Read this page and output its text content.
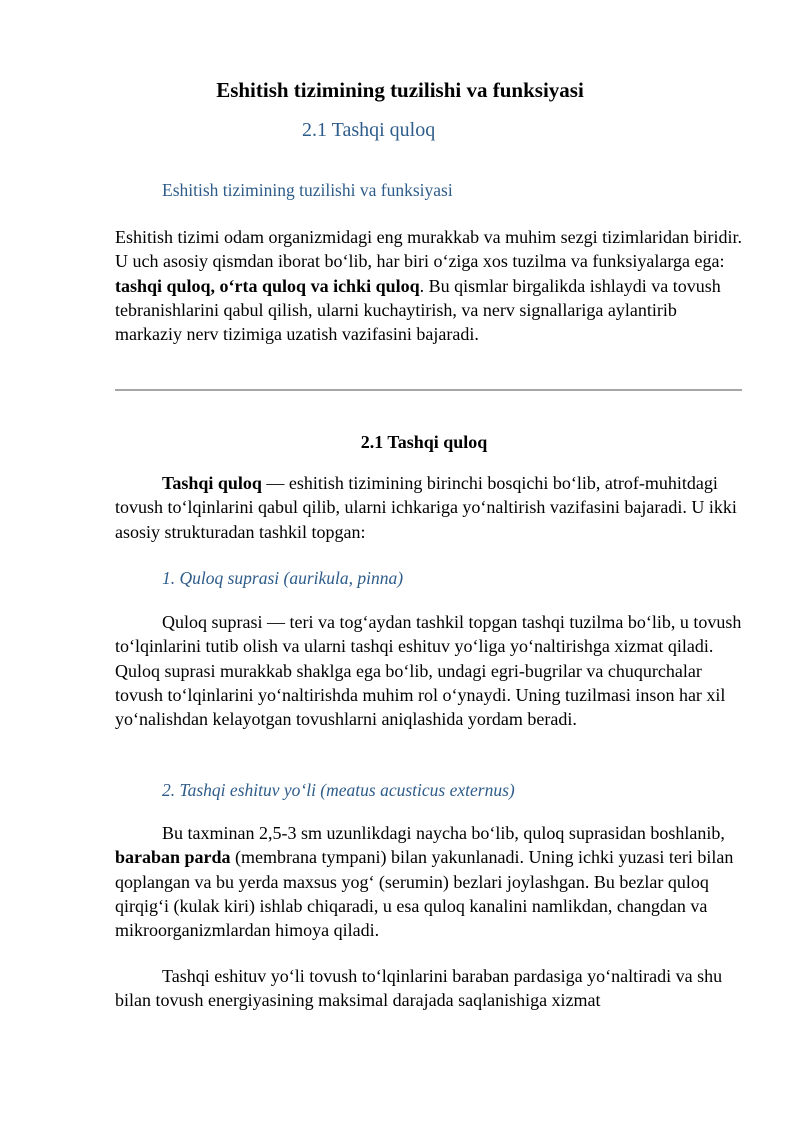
Eshitish tizimining tuzilishi va funksiyasi
2.1 Tashqi quloq
Eshitish tizimining tuzilishi va funksiyasi

Eshitish tizimi odam organizmidagi eng murakkab va muhim sezgi tizimlaridan biridir. U uch asosiy qismdan iborat bo‘lib, har biri o‘ziga xos tuzilma va funksiyalarga ega: tashqi quloq, o‘rta quloq va ichki quloq. Bu qismlar birgalikda ishlaydi va tovush tebranishlarini qabul qilish, ularni kuchaytirish, va nerv signallariga aylantirib markaziy nerv tizimiga uzatish vazifasini bajaradi.

2.1 Tashqi quloq

Tashqi quloq — eshitish tizimining birinchi bosqichi bo‘lib, atrof-muhitdagi tovush to‘lqinlarini qabul qilib, ularni ichkariga yo‘naltirish vazifasini bajaradi. U ikki asosiy strukturadan tashkil topgan:

1. Quloq suprasi (aurikula, pinna)

Quloq suprasi — teri va tog‘aydan tashkil topgan tashqi tuzilma bo‘lib, u tovush to‘lqinlarini tutib olish va ularni tashqi eshituv yo‘liga yo‘naltirishga xizmat qiladi. Quloq suprasi murakkab shaklga ega bo‘lib, undagi egri-bugrilar va chuqurchalar tovush to‘lqinlarini yo‘naltirishda muhim rol o‘ynaydi. Uning tuzilmasi inson har xil yo‘nalishdan kelayotgan tovushlarni aniqlashida yordam beradi.

2. Tashqi eshituv yo‘li (meatus acusticus externus)

Bu taxminan 2,5-3 sm uzunlikdagi naycha bo‘lib, quloq suprasidan boshlanib, baraban parda (membrana tympani) bilan yakunlanadi. Uning ichki yuzasi teri bilan qoplangan va bu yerda maxsus yog‘ (serumin) bezlari joylashgan. Bu bezlar quloq qirqig‘i (kulak kiri) ishlab chiqaradi, u esa quloq kanalini namlikdan, changdan va mikroorganizmlardan himoya qiladi.

Tashqi eshituv yo‘li tovush to‘lqinlarini baraban pardasiga yo‘naltiradi va shu bilan tovush energiyasining maksimal darajada saqlanishiga xizmat
